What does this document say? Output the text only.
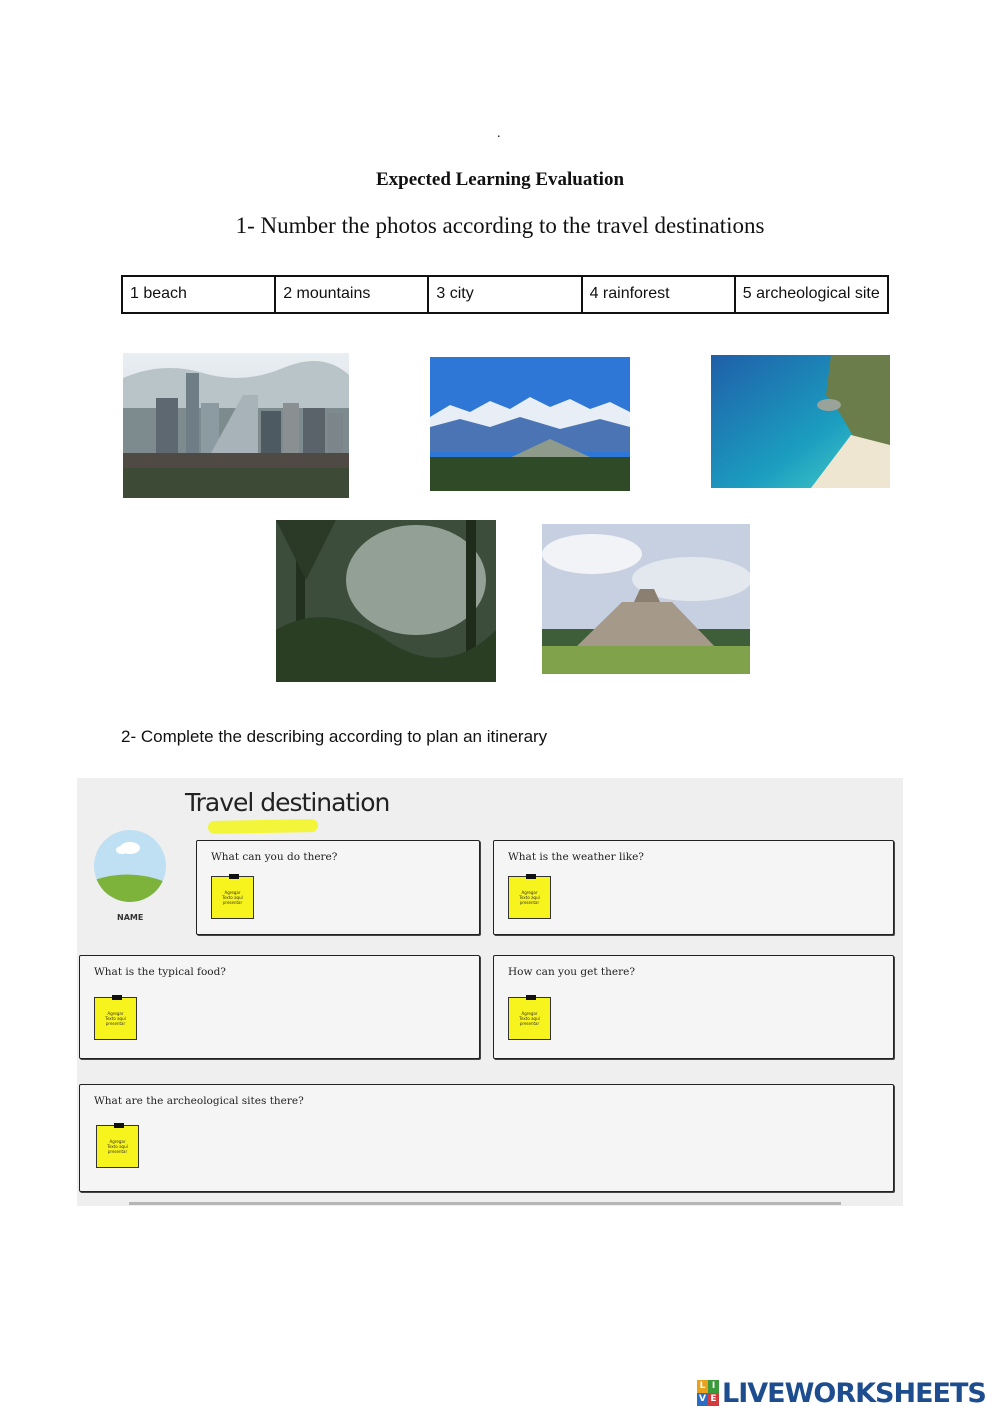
.
Expected Learning Evaluation
1- Number the photos according to the travel destinations
1 beach	2 mountains	3 city	4 rainforest	5 archeological site
2- Complete the describing according to plan an itinerary
Travel destination
NAME
What can you do there?
Agregar
Texto aquí
presentar
What is the weather like?
Agregar
Texto aquí
presentar
What is the typical food?
Agregar
Texto aquí
presentar
How can you get there?
Agregar
Texto aquí
presentar
What are the archeological sites there?
Agregar
Texto aquí
presentar
L I
V E LIVEWORKSHEETS
